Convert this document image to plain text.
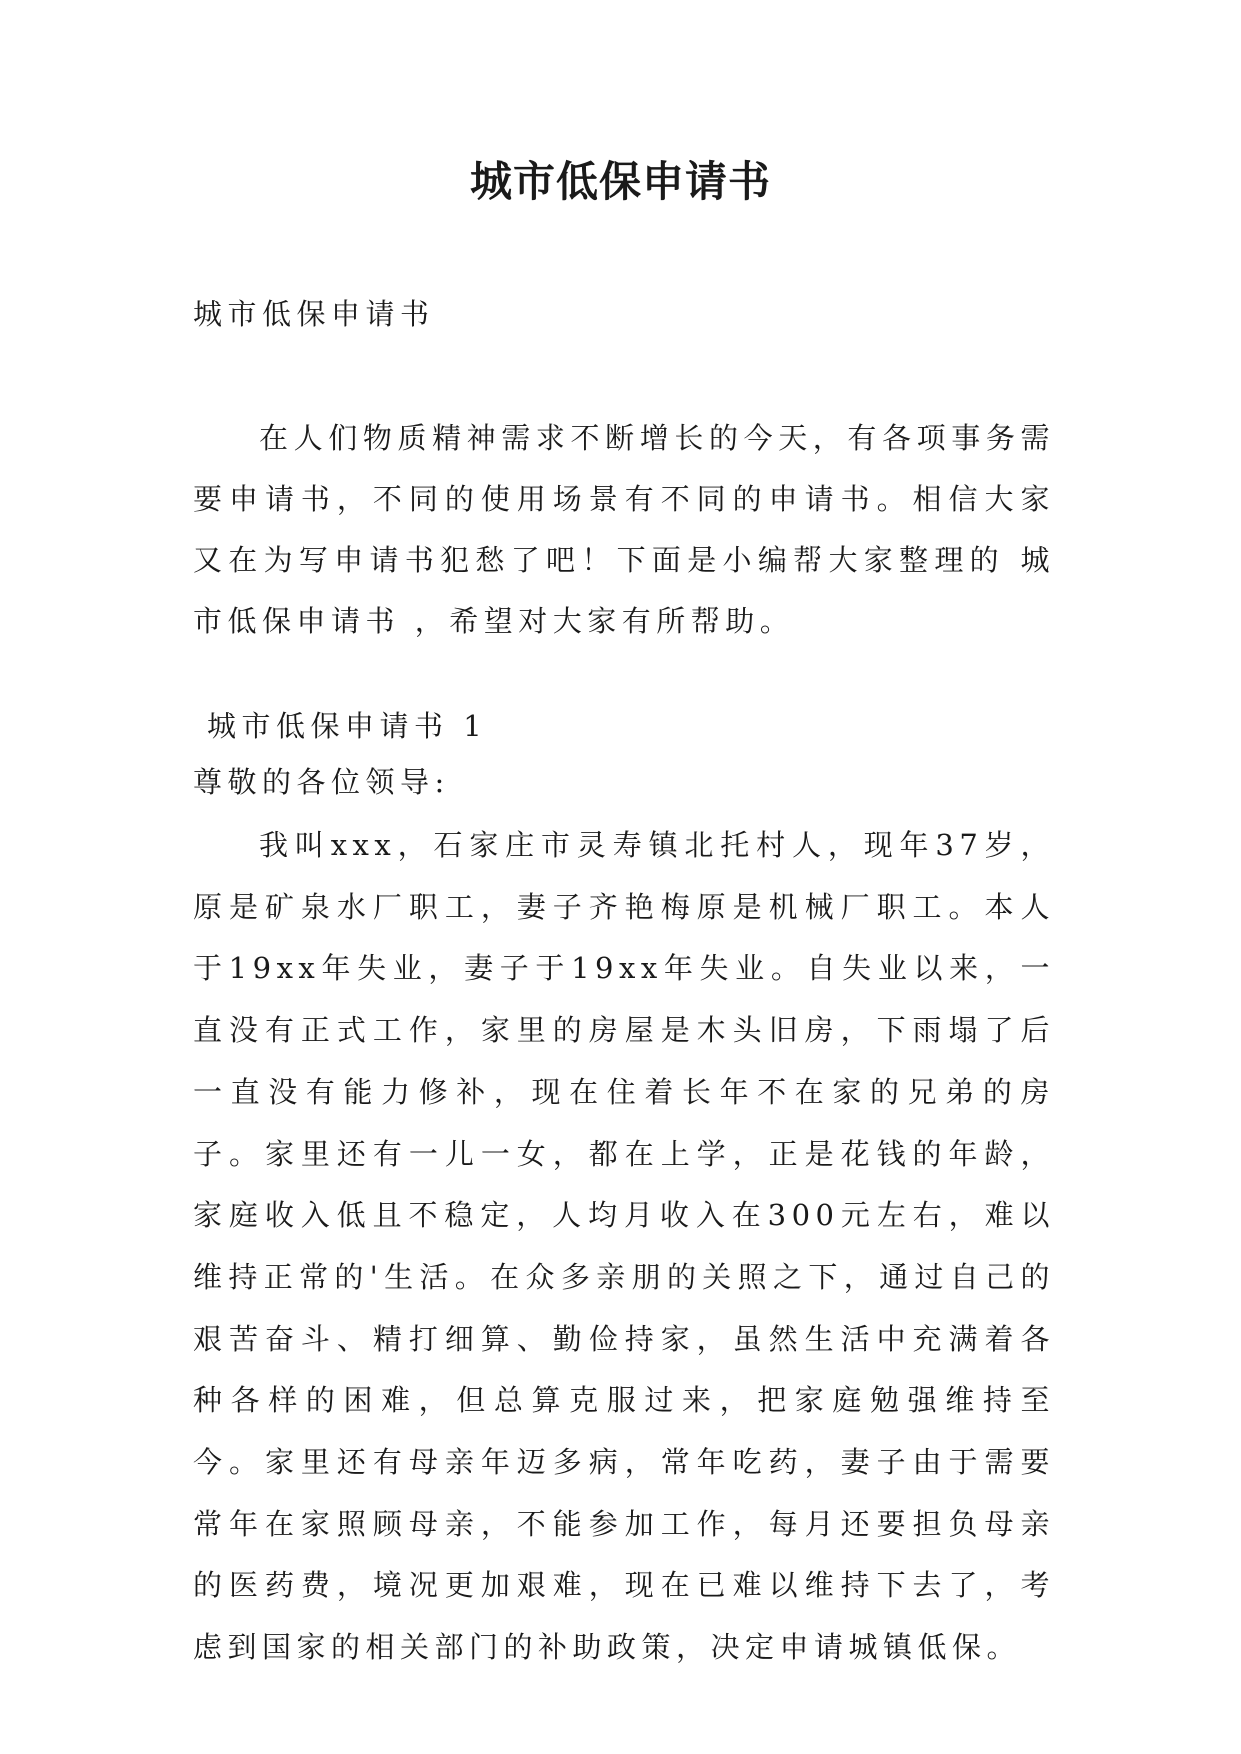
城市低保申请书

城市低保申请书

在人们物质精神需求不断增长的今天，有各项事务需要申请书，不同的使用场景有不同的申请书。相信大家又在为写申请书犯愁了吧！下面是小编帮大家整理的 城市低保申请书 ，希望对大家有所帮助。

城市低保申请书 1

尊敬的各位领导:

我叫xxx，石家庄市灵寿镇北托村人，现年37岁，原是矿泉水厂职工，妻子齐艳梅原是机械厂职工。本人于19xx年失业，妻子于19xx年失业。自失业以来，一直没有正式工作，家里的房屋是木头旧房，下雨塌了后一直没有能力修补，现在住着长年不在家的兄弟的房子。家里还有一儿一女，都在上学，正是花钱的年龄，家庭收入低且不稳定，人均月收入在300元左右，难以维持正常的'生活。在众多亲朋的关照之下，通过自己的艰苦奋斗、精打细算、勤俭持家，虽然生活中充满着各种各样的困难，但总算克服过来，把家庭勉强维持至今。家里还有母亲年迈多病，常年吃药，妻子由于需要常年在家照顾母亲，不能参加工作，每月还要担负母亲的医药费，境况更加艰难，现在已难以维持下去了，考虑到国家的相关部门的补助政策，决定申请城镇低保。
